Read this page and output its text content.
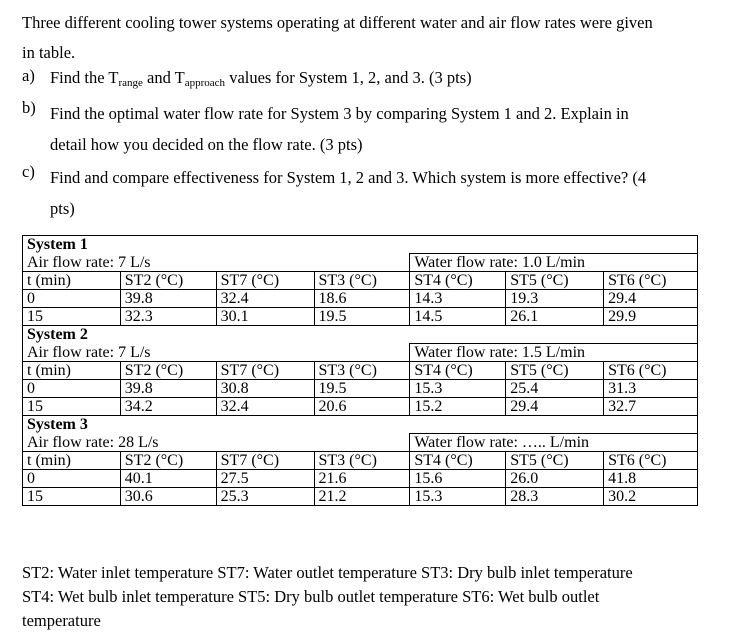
Three different cooling tower systems operating at different water and air flow rates were given
in table.
a) Find the $T_{range}$ and $T_{approach}$ values for System 1, 2, and 3. (3 pts)
b) Find the optimal water flow rate for System 3 by comparing System 1 and 2. Explain in
detail how you decided on the flow rate. (3 pts)
c) Find and compare effectiveness for System 1, 2 and 3. Which system is more effective? (4
pts)
System 1						
Air flow rate: 7 L/s				Water flow rate: 1.0 L/min		
t (min)	ST2 (°C)	ST7 (°C)	ST3 (°C)	ST4 (°C)	ST5 (°C)	ST6 (°C)
0	39.8	32.4	18.6	14.3	19.3	29.4
15	32.3	30.1	19.5	14.5	26.1	29.9
System 2						
Air flow rate: 7 L/s				Water flow rate: 1.5 L/min		
t (min)	ST2 (°C)	ST7 (°C)	ST3 (°C)	ST4 (°C)	ST5 (°C)	ST6 (°C)
0	39.8	30.8	19.5	15.3	25.4	31.3
15	34.2	32.4	20.6	15.2	29.4	32.7
System 3						
Air flow rate: 28 L/s				Water flow rate: ….. L/min		
t (min)	ST2 (°C)	ST7 (°C)	ST3 (°C)	ST4 (°C)	ST5 (°C)	ST6 (°C)
0	40.1	27.5	21.6	15.6	26.0	41.8
15	30.6	25.3	21.2	15.3	28.3	30.2
ST2: Water inlet temperature ST7: Water outlet temperature ST3: Dry bulb inlet temperature
ST4: Wet bulb inlet temperature ST5: Dry bulb outlet temperature ST6: Wet bulb outlet
temperature
